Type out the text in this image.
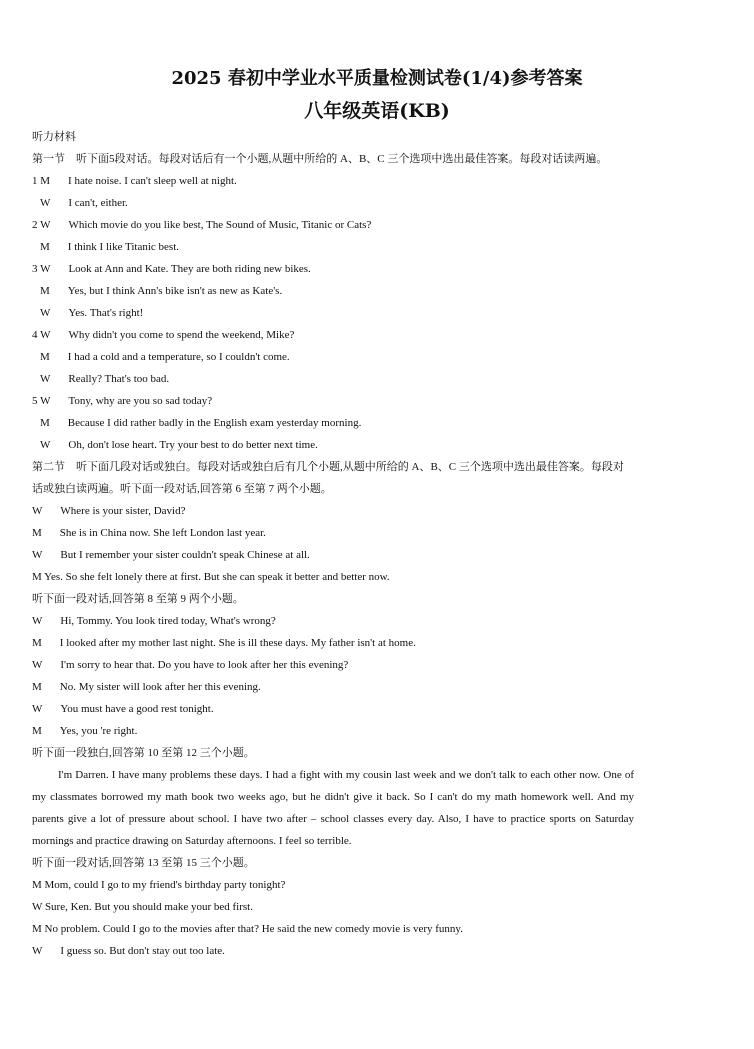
2025 春初中学业水平质量检测试卷(1/4)参考答案
八年级英语(KB)
听力材料
第一节　听下面5段对话。每段对话后有一个小题,从题中所给的 A、B、C 三个选项中选出最佳答案。每段对话读两遍。
1 M I hate noise. I can't sleep well at night.
W I can't, either.
2 W Which movie do you like best, The Sound of Music, Titanic or Cats?
M I think I like Titanic best.
3 W Look at Ann and Kate. They are both riding new bikes.
M Yes, but I think Ann's bike isn't as new as Kate's.
W Yes. That's right!
4 W Why didn't you come to spend the weekend, Mike?
M I had a cold and a temperature, so I couldn't come.
W Really? That's too bad.
5 W Tony, why are you so sad today?
M Because I did rather badly in the English exam yesterday morning.
W Oh, don't lose heart. Try your best to do better next time.
第二节　听下面几段对话或独白。每段对话或独白后有几个小题,从题中所给的 A、B、C 三个选项中选出最佳答案。每段对话或独白读两遍。听下面一段对话,回答第 6 至第 7 两个小题。
W Where is your sister, David?
M She is in China now. She left London last year.
W But I remember your sister couldn't speak Chinese at all.
M Yes. So she felt lonely there at first. But she can speak it better and better now.
听下面一段对话,回答第 8 至第 9 两个小题。
W Hi, Tommy. You look tired today, What's wrong?
M I looked after my mother last night. She is ill these days. My father isn't at home.
W I'm sorry to hear that. Do you have to look after her this evening?
M No. My sister will look after her this evening.
W You must have a good rest tonight.
M Yes, you 're right.
听下面一段独白,回答第 10 至第 12 三个小题。
I'm Darren. I have many problems these days. I had a fight with my cousin last week and we don't talk to each other now. One of my classmates borrowed my math book two weeks ago, but he didn't give it back. So I can't do my math homework well. And my parents give a lot of pressure about school. I have two after – school classes every day. Also, I have to practice sports on Saturday mornings and practice drawing on Saturday afternoons. I feel so terrible.
听下面一段对话,回答第 13 至第 15 三个小题。
M Mom, could I go to my friend's birthday party tonight?
W Sure, Ken. But you should make your bed first.
M No problem. Could I go to the movies after that? He said the new comedy movie is very funny.
W I guess so. But don't stay out too late.
